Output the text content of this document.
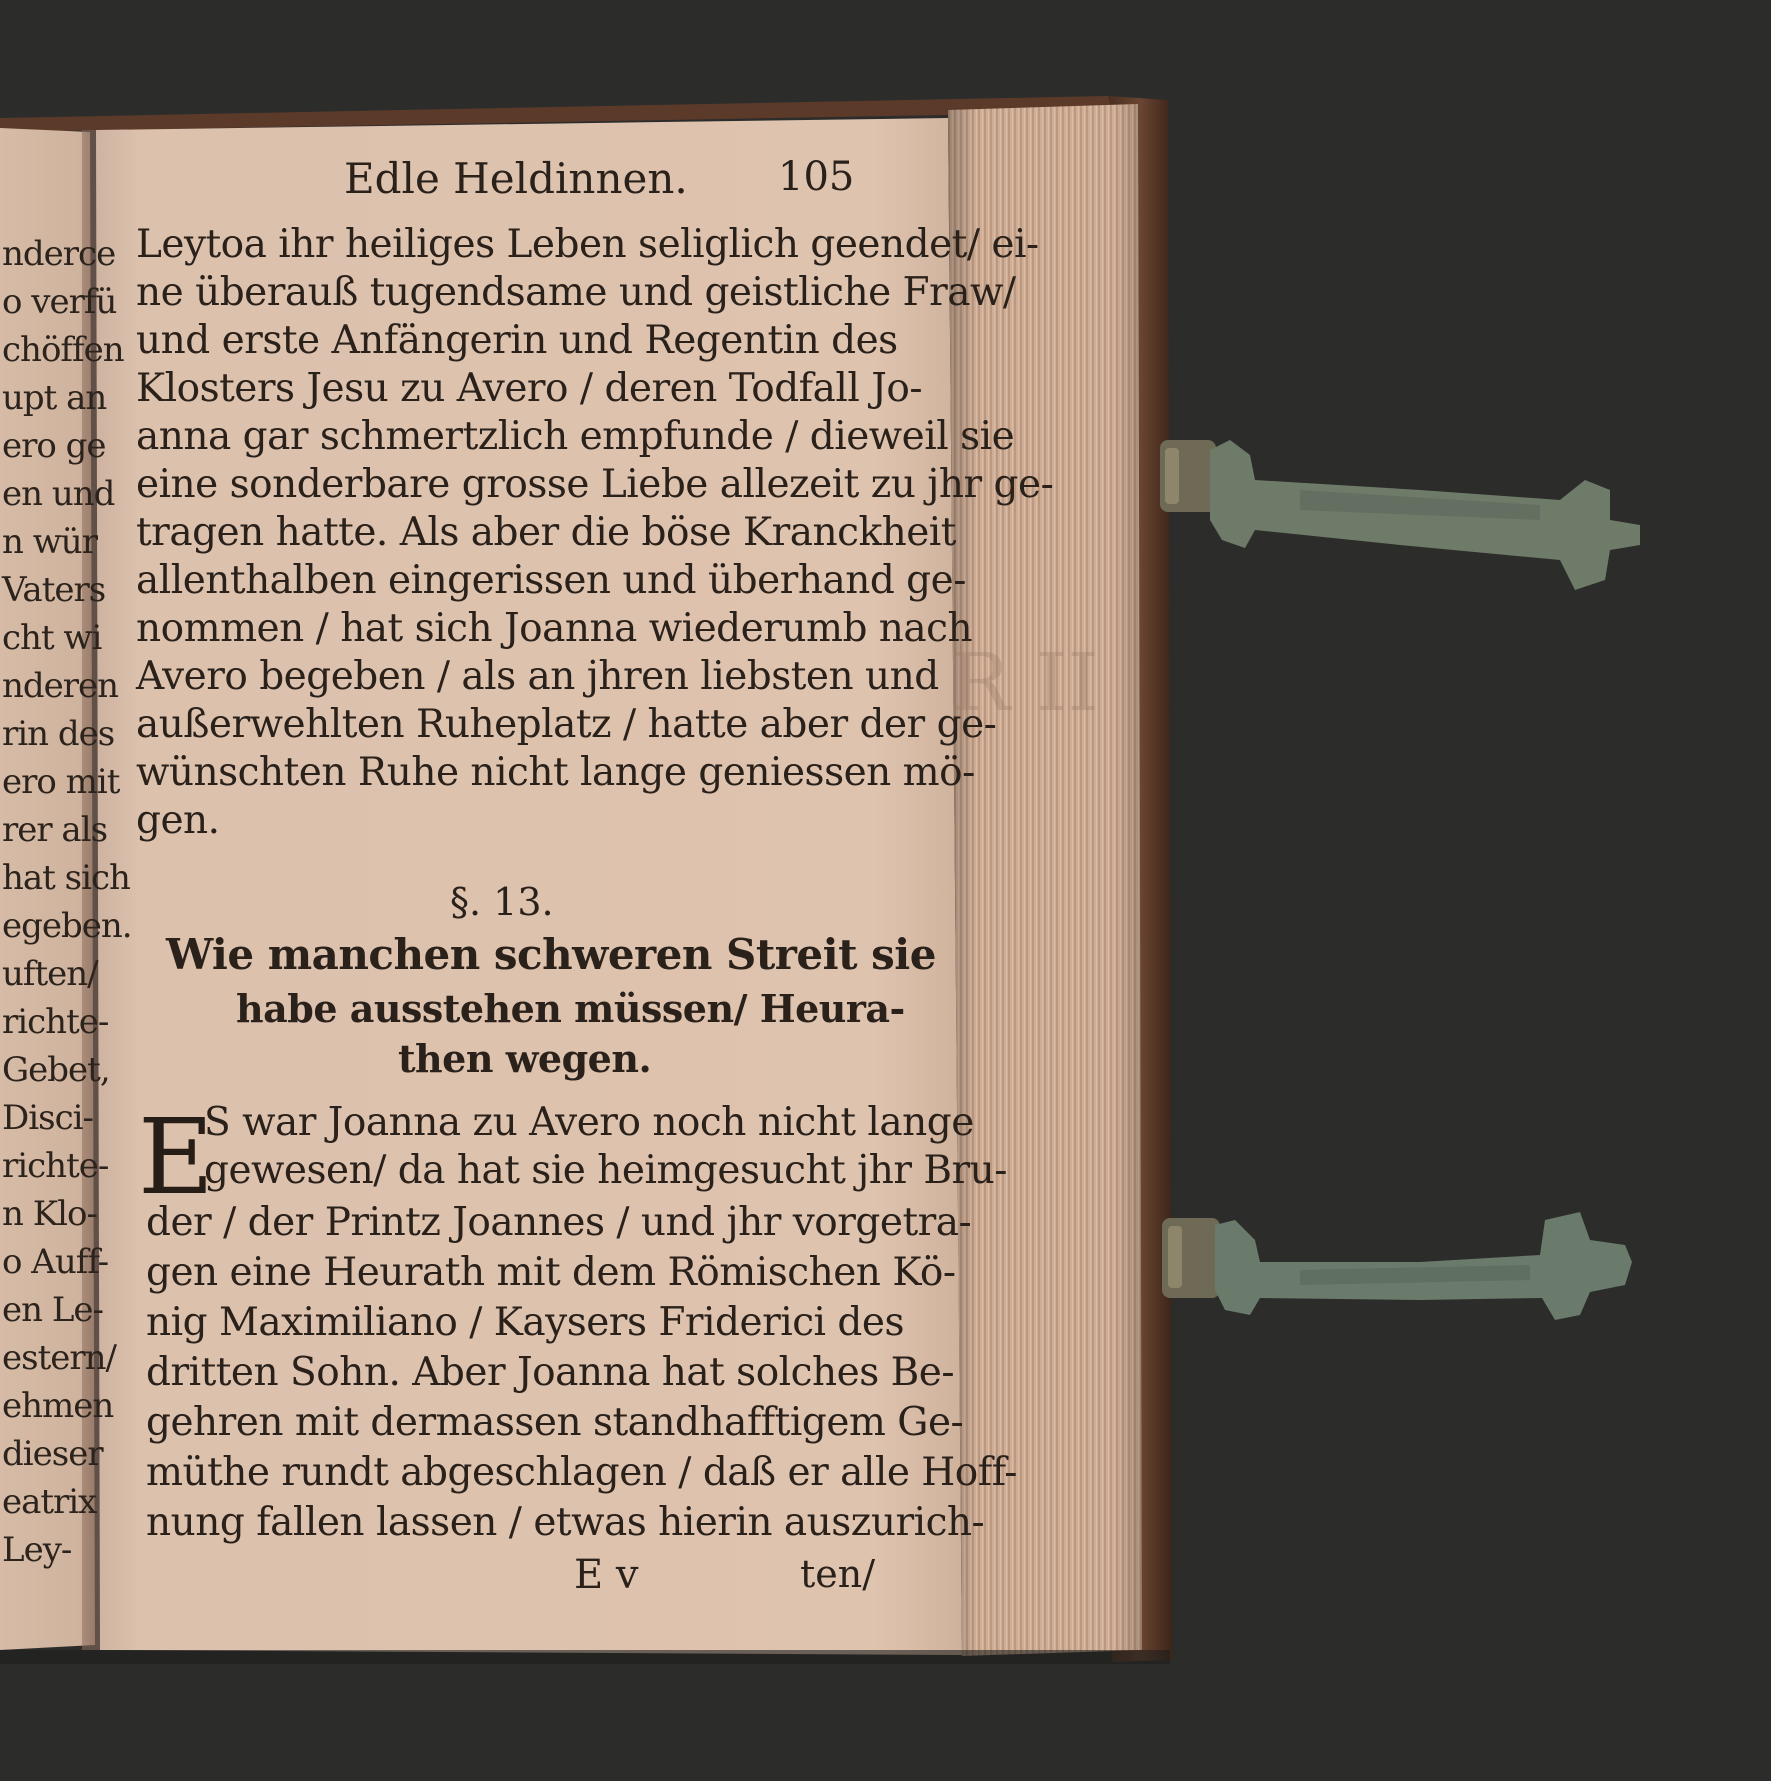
R II
nderce
o verfü
chöffen
upt an
ero ge
en und
n wür
Vaters
cht wi
nderen
rin des
ero mit
rer als
hat sich
egeben.
uften/
richte-
Gebet,
Disci-
richte-
n Klo-
o Auff-
en Le-
estern/
ehmen
dieser
eatrix
Ley-
Edle Heldinnen. 105
Leytoa ihr heiliges Leben seliglich geendet/ ei-
ne überauß tugendsame und geistliche Fraw/
und erste Anfängerin und Regentin des
Klosters Jesu zu Avero / deren Todfall Jo-
anna gar schmertzlich empfunde / dieweil sie
eine sonderbare grosse Liebe allezeit zu jhr ge-
tragen hatte. Als aber die böse Kranckheit
allenthalben eingerissen und überhand ge-
nommen / hat sich Joanna wiederumb nach
Avero begeben / als an jhren liebsten und
außerwehlten Ruheplatz / hatte aber der ge-
wünschten Ruhe nicht lange geniessen mö-
gen.
§. 13.
Wie manchen schweren Streit sie
habe ausstehen müssen/ Heura-
then wegen.
E
S war Joanna zu Avero noch nicht lange
gewesen/ da hat sie heimgesucht jhr Bru-
der / der Printz Joannes / und jhr vorgetra-
gen eine Heurath mit dem Römischen Kö-
nig Maximiliano / Kaysers Friderici des
dritten Sohn. Aber Joanna hat solches Be-
gehren mit dermassen standhafftigem Ge-
müthe rundt abgeschlagen / daß er alle Hoff-
nung fallen lassen / etwas hierin auszurich-
E v	ten/
